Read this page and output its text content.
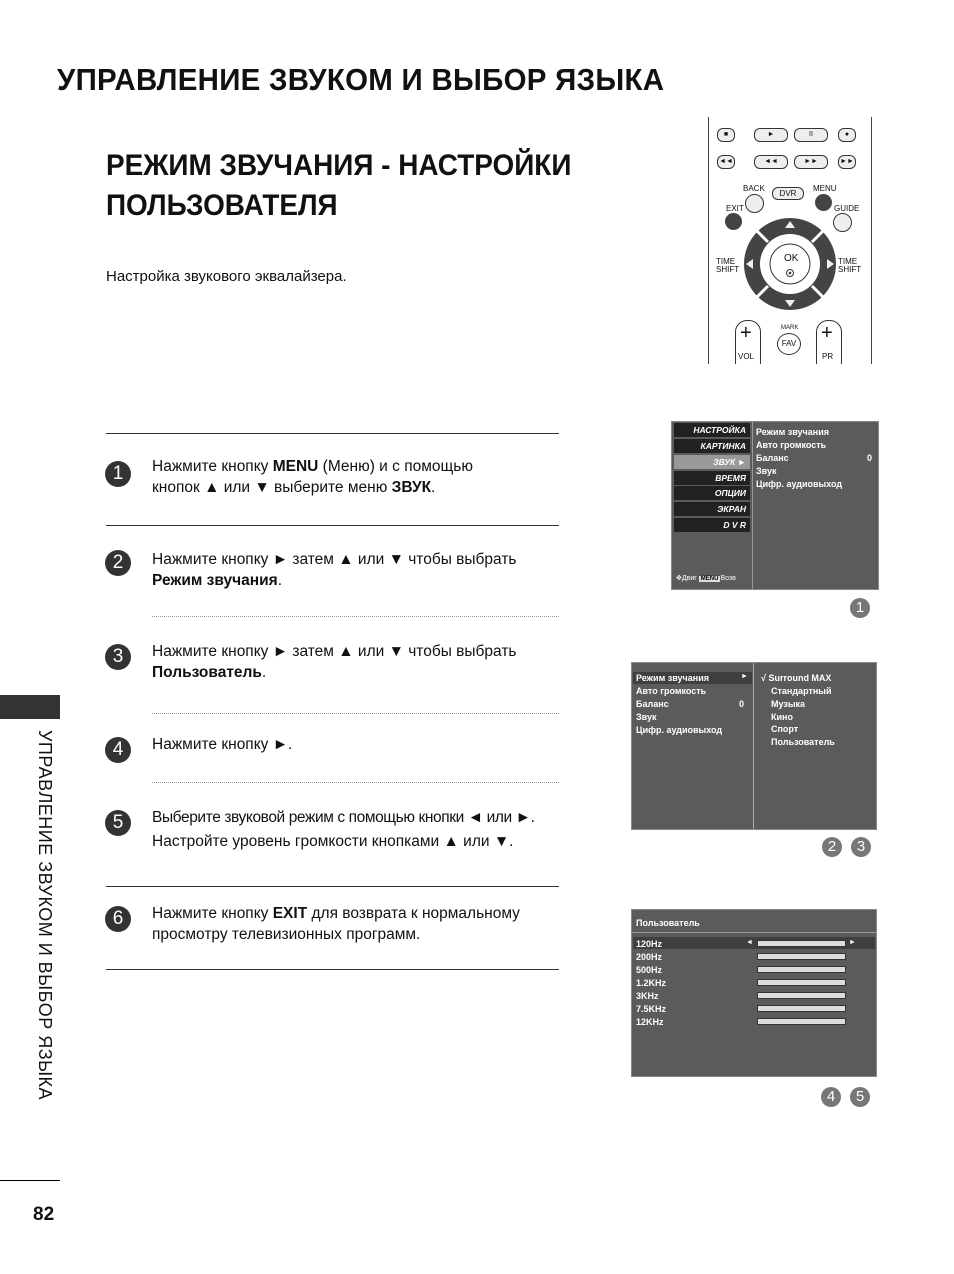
УПРАВЛЕНИЕ ЗВУКОМ И ВЫБОР ЯЗЫКА
РЕЖИМ ЗВУЧАНИЯ - НАСТРОЙКИ
ПОЛЬЗОВАТЕЛЯ
Настройка звукового эквалайзера.
УПРАВЛЕНИЕ ЗВУКОМ И ВЫБОР ЯЗЫКА
82
■	►	II	●
◄◄	◄◄	►►	►►
BACK
DVR
MENU
EXIT	GUIDE
OK
TIME
SHIFT
TIME
SHIFT
+	+
MARK
FAV
VOL	PR
1	Нажмите кнопку MENU (Меню) и с помощью
кнопок ▲ или ▼ выберите меню ЗВУК.
2	Нажмите кнопку ► затем ▲ или ▼ чтобы выбрать
Режим звучания.
3	Нажмите кнопку ► затем ▲ или ▼ чтобы выбрать
Пользователь.
4	Нажмите кнопку ►.
5	Выберите звуковой режим с помощью кнопки ◄ или ►.
Настройте уровень громкости кнопками ▲ или ▼.
6	Нажмите кнопку EXIT для возврата к нормальному
просмотру телевизионных программ.
НАСТРОЙКА
КАРТИНКА
ЗВУК ►
ВРЕМЯ
ОПЦИИ
ЭКРАН
D V R
✥Двиг MENU Возв
Режим звучания
Авто громкость
Баланс	0
Звук
Цифр. аудиовыход
1
Режим звучания	►
Авто громкость
Баланс	0
Звук
Цифр. аудиовыход
√ Surround MAX
Стандартный
Музыка
Кино
Спорт
Пользователь
2	3
Пользователь
120Hz	◄	►
200Hz
500Hz
1.2KHz
3KHz
7.5KHz
12KHz
4	5
